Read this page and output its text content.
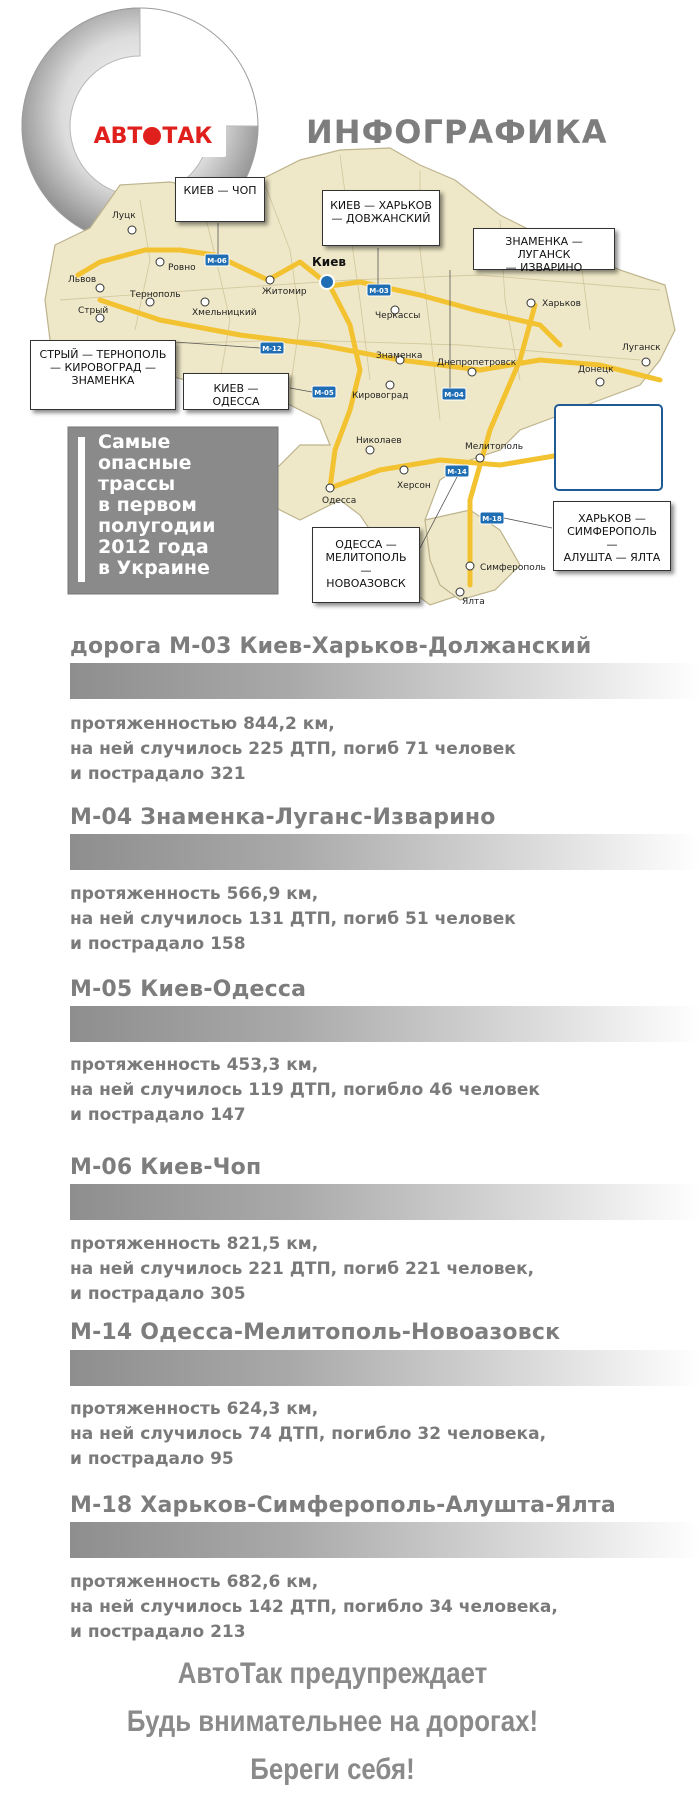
M-06
M-03
M-12
M-05	M-04
M-14
M-18
Луцк
Ровно
Львов
Тернополь
Стрый	Хмельницкий
Житомир
Киев
Черкассы
Харьков
Знаменка
Кировоград
Днепропетровск
Донецк
Луганск
Николаев
Мелитополь
Херсон
Одесса
Симферополь
Ялта
АВТ ТАК	ИНФОГРАФИКА
Самые
опасные
трассы
в первом
полугодии
2012 года
в Украине
КИЕВ — ЧОП
КИЕВ — ХАРЬКОВ
— ДОВЖАНСКИЙ
ЗНАМЕНКА — ЛУГАНСК
— ИЗВАРИНО
СТРЫЙ — ТЕРНОПОЛЬ
— КИРОВОГРАД —
ЗНАМЕНКА
КИЕВ — ОДЕССА
ОДЕССА —
МЕЛИТОПОЛЬ —
НОВОАЗОВСК
ХАРЬКОВ —
СИМФЕРОПОЛЬ —
АЛУШТА — ЯЛТА
дорога М-03 Киев-Харьков-Должанский
протяженностью 844,2 км,
на ней случилось 225 ДТП, погиб 71 человек
и пострадало 321
М-04 Знаменка-Луганс-Изварино
протяженность 566,9 км,
на ней случилось 131 ДТП, погиб 51 человек
и пострадало 158
М-05 Киев-Одесса
протяженность 453,3 км,
на ней случилось 119 ДТП, погибло 46 человек
и пострадало 147
М-06 Киев-Чоп
протяженность 821,5 км,
на ней случилось 221 ДТП, погиб 221 человек,
и пострадало 305
М-14 Одесса-Мелитополь-Новоазовск
протяженность 624,3 км,
на ней случилось 74 ДТП, погибло 32 человека,
и пострадало 95
М-18 Харьков-Симферополь-Алушта-Ялта
протяженность 682,6 км,
на ней случилось 142 ДТП, погибло 34 человека,
и пострадало 213
АвтоТак предупреждает
Будь внимательнее на дорогах!
Береги себя!
